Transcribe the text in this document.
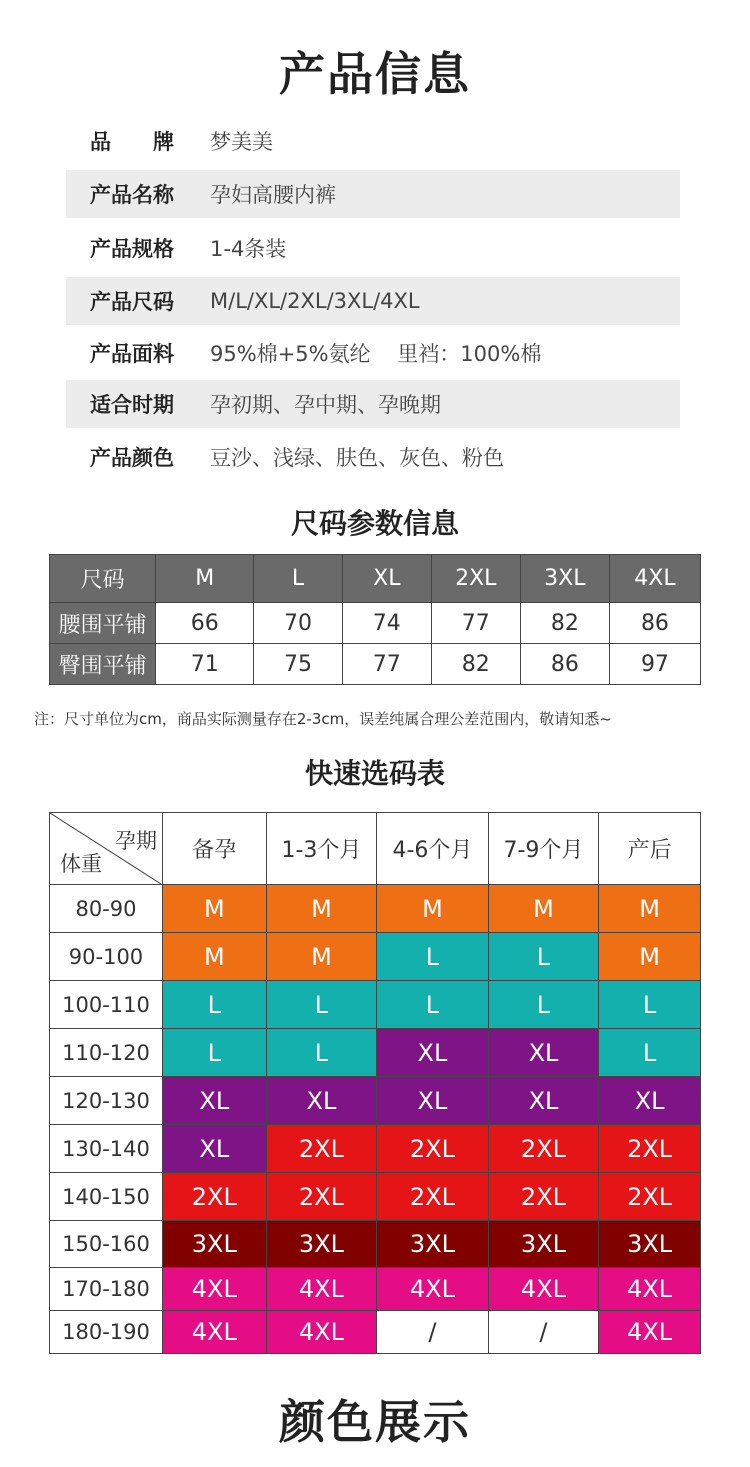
产品信息
品　　牌	梦美美
产品名称	孕妇高腰内裤
产品规格	1-4条装
产品尺码	M/L/XL/2XL/3XL/4XL
产品面料	95%棉+5%氨纶    里裆：100%棉
适合时期	孕初期、孕中期、孕晚期
产品颜色	豆沙、浅绿、肤色、灰色、粉色
尺码参数信息
尺码	M	L	XL	2XL	3XL	4XL
腰围平铺	66	70	74	77	82	86
臀围平铺	71	75	77	82	86	97
注：尺寸单位为cm，商品实际测量存在2-3cm，误差纯属合理公差范围内，敬请知悉~
快速选码表
孕期
体重	备孕	1-3个月	4-6个月	7-9个月	产后
80-90	M	M	M	M	M
90-100	M	M	L	L	M
100-110	L	L	L	L	L
110-120	L	L	XL	XL	L
120-130	XL	XL	XL	XL	XL
130-140	XL	2XL	2XL	2XL	2XL
140-150	2XL	2XL	2XL	2XL	2XL
150-160	3XL	3XL	3XL	3XL	3XL
170-180	4XL	4XL	4XL	4XL	4XL
180-190	4XL	4XL	/	/	4XL
颜色展示
